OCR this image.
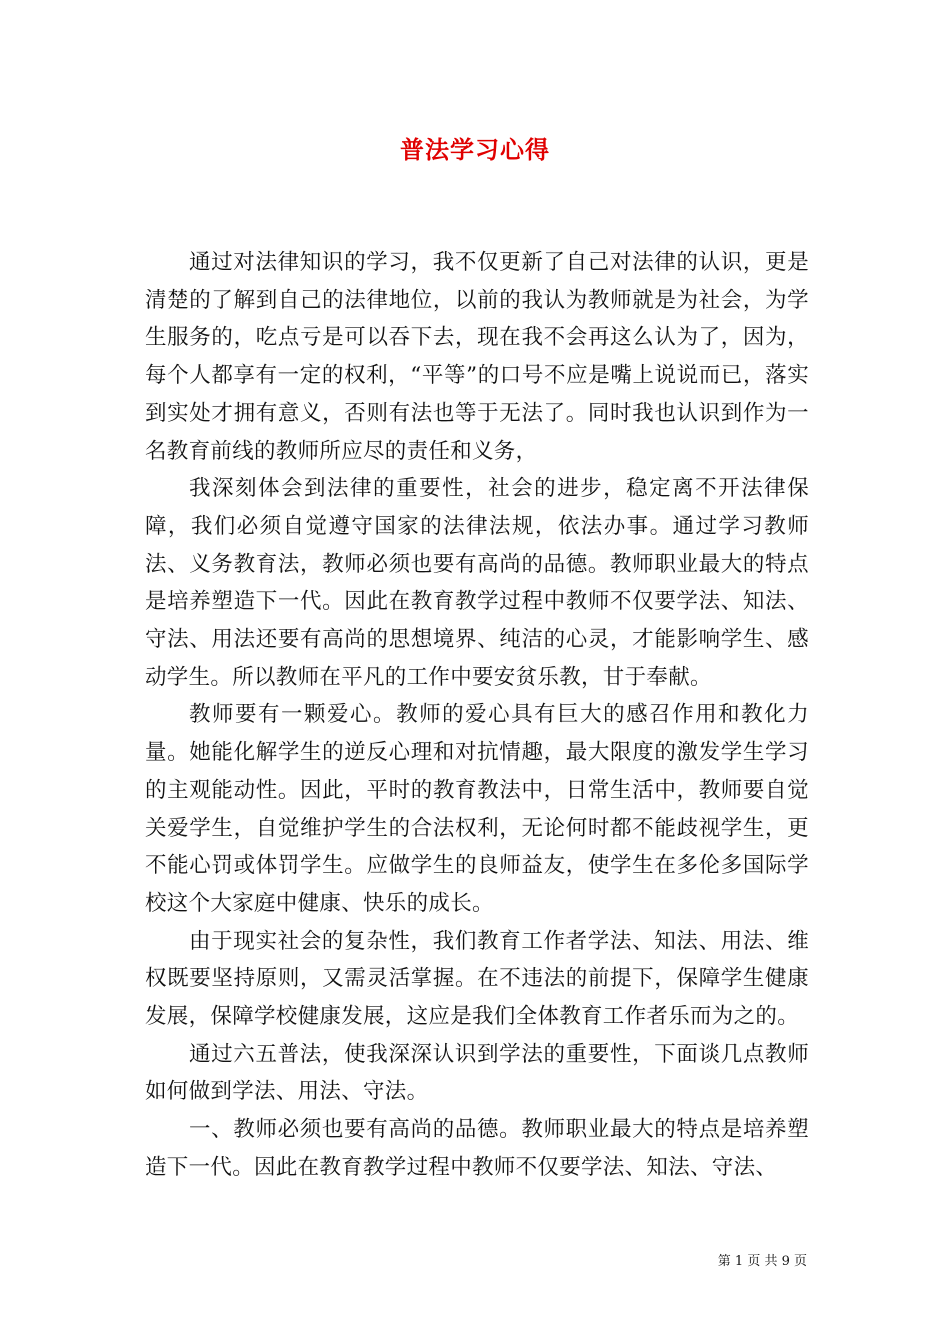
普法学习心得

通过对法律知识的学习，我不仅更新了自己对法律的认识，更是清楚的了解到自己的法律地位，以前的我认为教师就是为社会，为学生服务的，吃点亏是可以吞下去，现在我不会再这么认为了，因为，每个人都享有一定的权利，“平等”的口号不应是嘴上说说而已，落实到实处才拥有意义，否则有法也等于无法了。同时我也认识到作为一名教育前线的教师所应尽的责任和义务，

我深刻体会到法律的重要性，社会的进步，稳定离不开法律保障，我们必须自觉遵守国家的法律法规，依法办事。通过学习教师法、义务教育法，教师必须也要有高尚的品德。教师职业最大的特点是培养塑造下一代。因此在教育教学过程中教师不仅要学法、知法、守法、用法还要有高尚的思想境界、纯洁的心灵，才能影响学生、感动学生。所以教师在平凡的工作中要安贫乐教，甘于奉献。

教师要有一颗爱心。教师的爱心具有巨大的感召作用和教化力量。她能化解学生的逆反心理和对抗情趣，最大限度的激发学生学习的主观能动性。因此，平时的教育教法中，日常生活中，教师要自觉关爱学生，自觉维护学生的合法权利，无论何时都不能歧视学生，更不能心罚或体罚学生。应做学生的良师益友，使学生在多伦多国际学校这个大家庭中健康、快乐的成长。

由于现实社会的复杂性，我们教育工作者学法、知法、用法、维权既要坚持原则，又需灵活掌握。在不违法的前提下，保障学生健康发展，保障学校健康发展，这应是我们全体教育工作者乐而为之的。

通过六五普法，使我深深认识到学法的重要性，下面谈几点教师如何做到学法、用法、守法。

一、教师必须也要有高尚的品德。教师职业最大的特点是培养塑造下一代。因此在教育教学过程中教师不仅要学法、知法、守法、

第 1 页 共 9 页
